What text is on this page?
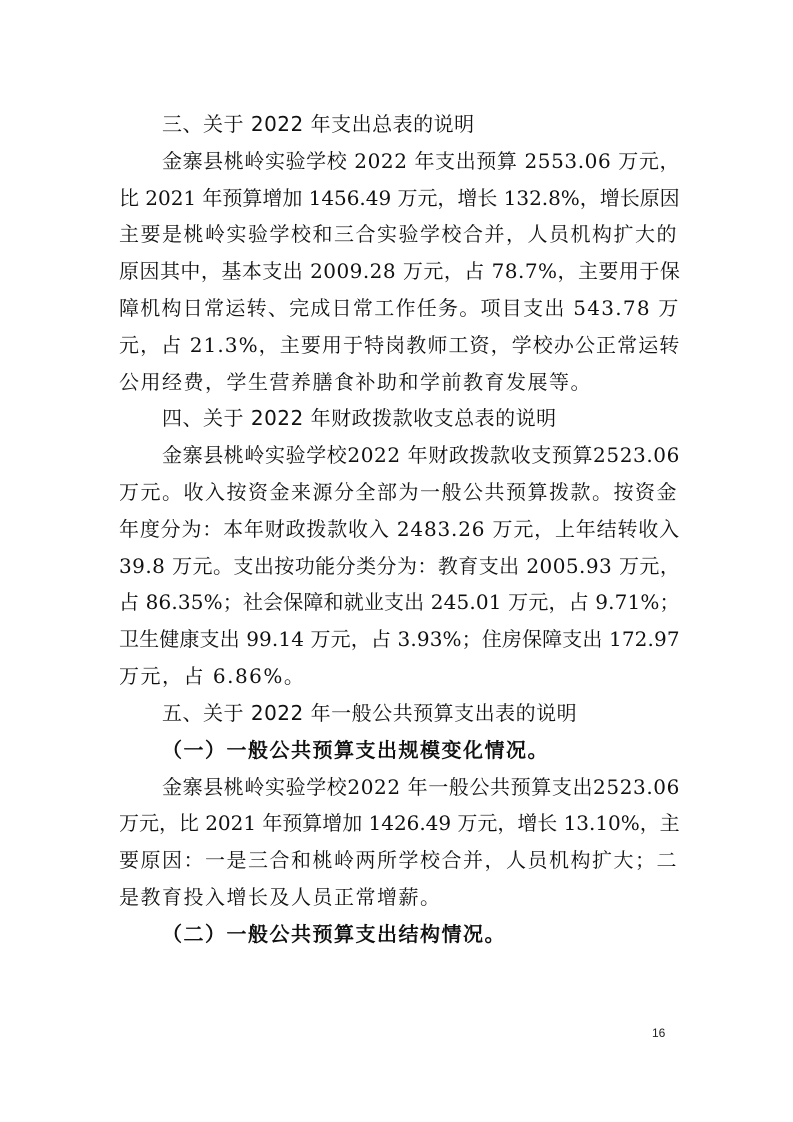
三、关于 2022 年支出总表的说明
金寨县桃岭实验学校 2022 年支出预算 2553.06 万元，
比 2021 年预算增加 1456.49 万元，增长 132.8%，增长原因
主要是桃岭实验学校和三合实验学校合并，人员机构扩大的
原因其中，基本支出 2009.28 万元，占 78.7%，主要用于保
障机构日常运转、完成日常工作任务。项目支出 543.78 万
元，占 21.3%，主要用于特岗教师工资，学校办公正常运转
公用经费，学生营养膳食补助和学前教育发展等。
四、关于 2022 年财政拨款收支总表的说明
金寨县桃岭实验学校2022 年财政拨款收支预算2523.06
万元。收入按资金来源分全部为一般公共预算拨款。按资金
年度分为：本年财政拨款收入 2483.26 万元，上年结转收入
39.8 万元。支出按功能分类分为：教育支出 2005.93 万元，
占 86.35%；社会保障和就业支出 245.01 万元，占 9.71%；
卫生健康支出 99.14 万元，占 3.93%；住房保障支出 172.97
万元，占 6.86%。
五、关于 2022 年一般公共预算支出表的说明
（一）一般公共预算支出规模变化情况。
金寨县桃岭实验学校2022 年一般公共预算支出2523.06
万元，比 2021 年预算增加 1426.49 万元，增长 13.10%，主
要原因：一是三合和桃岭两所学校合并，人员机构扩大；二
是教育投入增长及人员正常增薪。
（二）一般公共预算支出结构情况。
16
